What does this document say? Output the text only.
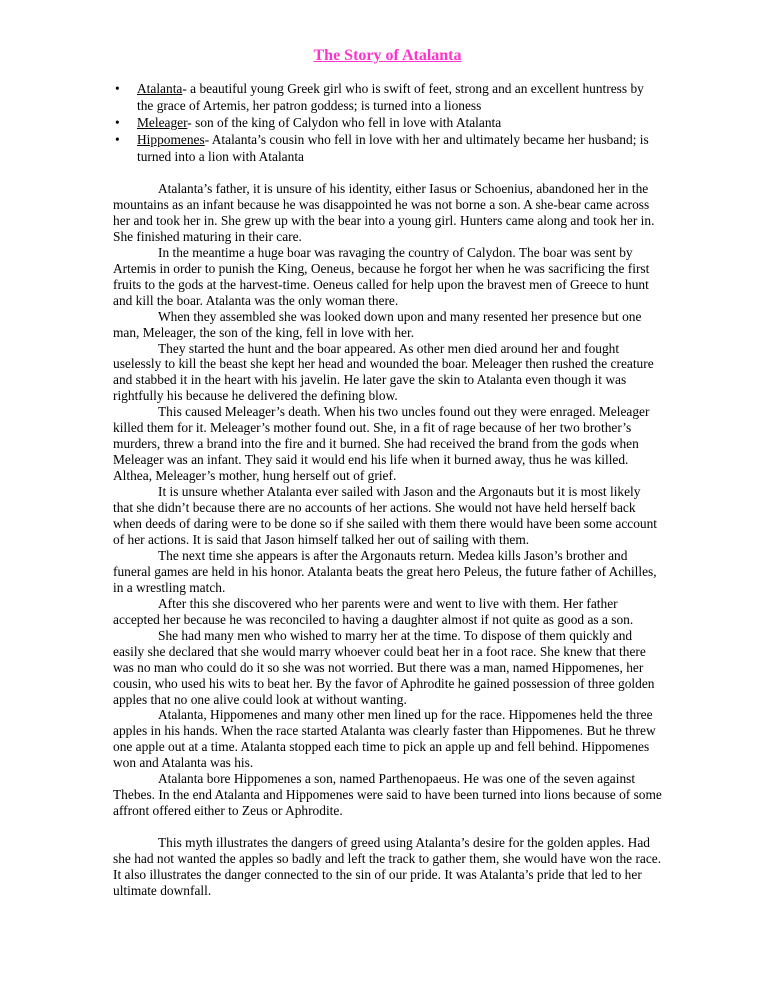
The Story of Atalanta
• Atalanta- a beautiful young Greek girl who is swift of feet, strong and an excellent huntress by the grace of Artemis, her patron goddess; is turned into a lioness
• Meleager- son of the king of Calydon who fell in love with Atalanta
• Hippomenes- Atalanta’s cousin who fell in love with her and ultimately became her husband; is turned into a lion with Atalanta

Atalanta’s father, it is unsure of his identity, either Iasus or Schoenius, abandoned her in the mountains as an infant because he was disappointed he was not borne a son. A she-bear came across her and took her in. She grew up with the bear into a young girl. Hunters came along and took her in. She finished maturing in their care.

In the meantime a huge boar was ravaging the country of Calydon. The boar was sent by Artemis in order to punish the King, Oeneus, because he forgot her when he was sacrificing the first fruits to the gods at the harvest-time. Oeneus called for help upon the bravest men of Greece to hunt and kill the boar. Atalanta was the only woman there.

When they assembled she was looked down upon and many resented her presence but one man, Meleager, the son of the king, fell in love with her.

They started the hunt and the boar appeared. As other men died around her and fought uselessly to kill the beast she kept her head and wounded the boar. Meleager then rushed the creature and stabbed it in the heart with his javelin. He later gave the skin to Atalanta even though it was rightfully his because he delivered the defining blow.

This caused Meleager’s death. When his two uncles found out they were enraged. Meleager killed them for it. Meleager’s mother found out. She, in a fit of rage because of her two brother’s murders, threw a brand into the fire and it burned. She had received the brand from the gods when Meleager was an infant. They said it would end his life when it burned away, thus he was killed. Althea, Meleager’s mother, hung herself out of grief.

It is unsure whether Atalanta ever sailed with Jason and the Argonauts but it is most likely that she didn’t because there are no accounts of her actions. She would not have held herself back when deeds of daring were to be done so if she sailed with them there would have been some account of her actions. It is said that Jason himself talked her out of sailing with them.

The next time she appears is after the Argonauts return. Medea kills Jason’s brother and funeral games are held in his honor. Atalanta beats the great hero Peleus, the future father of Achilles, in a wrestling match.

After this she discovered who her parents were and went to live with them. Her father accepted her because he was reconciled to having a daughter almost if not quite as good as a son.

She had many men who wished to marry her at the time. To dispose of them quickly and easily she declared that she would marry whoever could beat her in a foot race. She knew that there was no man who could do it so she was not worried. But there was a man, named Hippomenes, her cousin, who used his wits to beat her. By the favor of Aphrodite he gained possession of three golden apples that no one alive could look at without wanting.

Atalanta, Hippomenes and many other men lined up for the race. Hippomenes held the three apples in his hands. When the race started Atalanta was clearly faster than Hippomenes. But he threw one apple out at a time. Atalanta stopped each time to pick an apple up and fell behind. Hippomenes won and Atalanta was his.

Atalanta bore Hippomenes a son, named Parthenopaeus. He was one of the seven against Thebes. In the end Atalanta and Hippomenes were said to have been turned into lions because of some affront offered either to Zeus or Aphrodite.

This myth illustrates the dangers of greed using Atalanta’s desire for the golden apples. Had she had not wanted the apples so badly and left the track to gather them, she would have won the race. It also illustrates the danger connected to the sin of our pride. It was Atalanta’s pride that led to her ultimate downfall.
